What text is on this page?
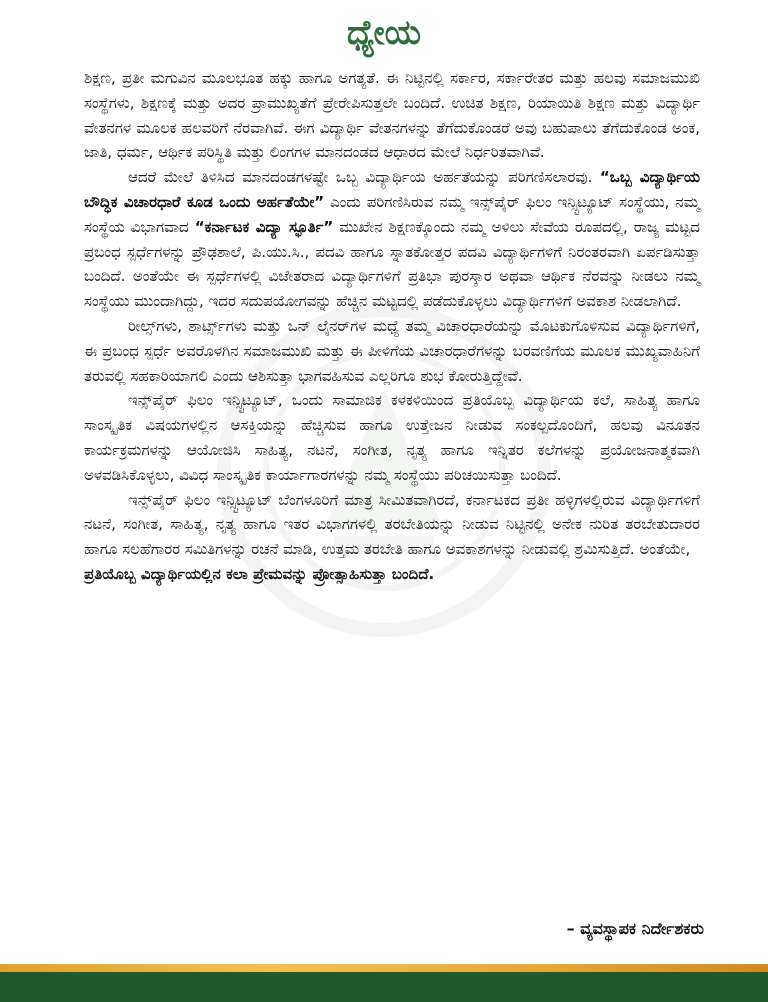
ಧ್ಯೇಯ

ಶಿಕ್ಷಣ, ಪ್ರತೀ ಮಗುವಿನ ಮೂಲಭೂತ ಹಕ್ಕು ಹಾಗೂ ಅಗತ್ಯತೆ. ಈ ನಿಟ್ಟಿನಲ್ಲಿ ಸರ್ಕಾರ, ಸರ್ಕಾರೇತರ ಮತ್ತು ಹಲವು ಸಮಾಜಮುಖಿ ಸಂಸ್ಥೆಗಳು, ಶಿಕ್ಷಣಕ್ಕೆ ಮತ್ತು ಅದರ ಪ್ರಾಮುಖ್ಯತೆಗೆ ಪ್ರೇರೇಪಿಸುತ್ತಲೇ ಬಂದಿದೆ. ಉಚಿತ ಶಿಕ್ಷಣ, ರಿಯಾಯಿತಿ ಶಿಕ್ಷಣ ಮತ್ತು ವಿದ್ಯಾರ್ಥಿ ವೇತನಗಳ ಮೂಲಕ ಹಲವರಿಗೆ ನೆರವಾಗಿವೆ. ಈಗ ವಿದ್ಯಾರ್ಥಿ ವೇತನಗಳನ್ನು ತೆಗೆದುಕೊಂಡರೆ ಅವು ಬಹುಪಾಲು ತೆಗೆದುಕೊಂಡ ಅಂಕ, ಜಾತಿ, ಧರ್ಮ, ಆರ್ಥಿಕ ಪರಿಸ್ಥಿತಿ ಮತ್ತು ಲಿಂಗಗಳ ಮಾನದಂಡದ ಆಧಾರದ ಮೇಲೆ ನಿರ್ಧರಿತವಾಗಿವೆ.

ಆದರೆ ಮೇಲೆ ತಿಳಿಸಿದ ಮಾನದಂಡಗಳಷ್ಟೇ ಒಬ್ಬ ವಿದ್ಯಾರ್ಥಿಯ ಅರ್ಹತೆಯನ್ನು ಪರಿಗಣಿಸಲಾರವು. “ಒಬ್ಬ ವಿದ್ಯಾರ್ಥಿಯ ಬೌದ್ಧಿಕ ವಿಚಾರಧಾರೆ ಕೂಡ ಒಂದು ಅರ್ಹತೆಯೇ” ಎಂದು ಪರಿಗಣಿಸಿರುವ ನಮ್ಮ ಇನ್ಸ್‌ಪೈರ್ ಫಿಲಂ ಇನ್ಸ್ಟಿಟ್ಯೂಟ್ ಸಂಸ್ಥೆಯು, ನಮ್ಮ ಸಂಸ್ಥೆಯ ವಿಭಾಗವಾದ “ಕರ್ನಾಟಕ ವಿದ್ಯಾ ಸ್ಫೂರ್ತಿ” ಮುಖೇನ ಶಿಕ್ಷಣಕ್ಕೊಂದು ನಮ್ಮ ಅಳಿಲು ಸೇವೆಯ ರೂಪದಲ್ಲಿ, ರಾಜ್ಯ ಮಟ್ಟದ ಪ್ರಬಂಧ ಸ್ಪರ್ಧೆಗಳನ್ನು ಪ್ರೌಢಶಾಲೆ, ಪಿ.ಯು.ಸಿ., ಪದವಿ ಹಾಗೂ ಸ್ನಾತಕೋತ್ತರ ಪದವಿ ವಿದ್ಯಾರ್ಥಿಗಳಿಗೆ ನಿರಂತರವಾಗಿ ಏರ್ಪಡಿಸುತ್ತಾ ಬಂದಿದೆ. ಅಂತೆಯೇ ಈ ಸ್ಪರ್ಧೆಗಳಲ್ಲಿ ವಿಜೇತರಾದ ವಿದ್ಯಾರ್ಥಿಗಳಿಗೆ ಪ್ರತಿಭಾ ಪುರಸ್ಕಾರ ಅಥವಾ ಆರ್ಥಿಕ ನೆರವನ್ನು ನೀಡಲು ನಮ್ಮ ಸಂಸ್ಥೆಯು ಮುಂದಾಗಿದ್ದು, ಇದರ ಸದುಪಯೋಗವನ್ನು ಹೆಚ್ಚಿನ ಮಟ್ಟದಲ್ಲಿ ಪಡೆದುಕೊಳ್ಳಲು ವಿದ್ಯಾರ್ಥಿಗಳಿಗೆ ಅವಕಾಶ ನೀಡಲಾಗಿದೆ.

ರೀಲ್ಸ್‌ಗಳು, ಶಾರ್ಟ್ಸ್‌ಗಳು ಮತ್ತು ಒನ್ ಲೈನರ್‌ಗಳ ಮಧ್ಯೆ ತಮ್ಮ ವಿಚಾರಧಾರೆಯನ್ನು ಮೊಟಕುಗೊಳಿಸುವ ವಿದ್ಯಾರ್ಥಿಗಳಿಗೆ, ಈ ಪ್ರಬಂಧ ಸ್ಪರ್ಧೆ ಅವರೊಳಗಿನ ಸಮಾಜಮುಖಿ ಮತ್ತು ಈ ಪೀಳಿಗೆಯ ವಿಚಾರಧಾರೆಗಳನ್ನು ಬರವಣಿಗೆಯ ಮೂಲಕ ಮುಖ್ಯವಾಹಿನಿಗೆ ತರುವಲ್ಲಿ ಸಹಕಾರಿಯಾಗಲಿ ಎಂದು ಆಶಿಸುತ್ತಾ ಭಾಗವಹಿಸುವ ಎಲ್ಲರಿಗೂ ಶುಭ ಕೋರುತ್ತಿದ್ದೇವೆ.

ಇನ್ಸ್‌ಪೈರ್ ಫಿಲಂ ಇನ್ಸ್ಟಿಟ್ಯೂಟ್, ಒಂದು ಸಾಮಾಜಿಕ ಕಳಕಳಿಯಿಂದ ಪ್ರತಿಯೊಬ್ಬ ವಿದ್ಯಾರ್ಥಿಯ ಕಲೆ, ಸಾಹಿತ್ಯ ಹಾಗೂ ಸಾಂಸ್ಕೃತಿಕ ವಿಷಯಗಳಲ್ಲಿನ ಆಸಕ್ತಿಯನ್ನು ಹೆಚ್ಚಿಸುವ ಹಾಗೂ ಉತ್ತೇಜನ ನೀಡುವ ಸಂಕಲ್ಪದೊಂದಿಗೆ, ಹಲವು ವಿನೂತನ ಕಾರ್ಯಕ್ರಮಗಳನ್ನು ಆಯೋಜಿಸಿ ಸಾಹಿತ್ಯ, ನಟನೆ, ಸಂಗೀತ, ನೃತ್ಯ ಹಾಗೂ ಇನ್ನಿತರ ಕಲೆಗಳನ್ನು ಪ್ರಯೋಜನಾತ್ಮಕವಾಗಿ ಅಳವಡಿಸಿಕೊಳ್ಳಲು, ವಿವಿಧ ಸಾಂಸ್ಕೃತಿಕ ಕಾರ್ಯಾಗಾರಗಳನ್ನು ನಮ್ಮ ಸಂಸ್ಥೆಯು ಪರಿಚಯಿಸುತ್ತಾ ಬಂದಿದೆ.

ಇನ್ಸ್‌ಪೈರ್ ಫಿಲಂ ಇನ್ಸ್ಟಿಟ್ಯೂಟ್ ಬೆಂಗಳೂರಿಗೆ ಮಾತ್ರ ಸೀಮಿತವಾಗಿರದೆ, ಕರ್ನಾಟಕದ ಪ್ರತೀ ಹಳ್ಳಿಗಳಲ್ಲಿರುವ ವಿದ್ಯಾರ್ಥಿಗಳಿಗೆ ನಟನೆ, ಸಂಗೀತ, ಸಾಹಿತ್ಯ, ನೃತ್ಯ ಹಾಗೂ ಇತರ ವಿಭಾಗಗಳಲ್ಲಿ ತರಬೇತಿಯನ್ನು ನೀಡುವ ನಿಟ್ಟಿನಲ್ಲಿ ಅನೇಕ ನುರಿತ ತರಬೇತುದಾರರ ಹಾಗೂ ಸಲಹೆಗಾರರ ಸಮಿತಿಗಳನ್ನು ರಚನೆ ಮಾಡಿ, ಉತ್ತಮ ತರಬೇತಿ ಹಾಗೂ ಅವಕಾಶಗಳನ್ನು ನೀಡುವಲ್ಲಿ ಶ್ರಮಿಸುತ್ತಿದೆ. ಅಂತೆಯೇ,

ಪ್ರತಿಯೊಬ್ಬ ವಿದ್ಯಾರ್ಥಿಯಲ್ಲಿನ ಕಲಾ ಪ್ರೇಮವನ್ನು ಪ್ರೋತ್ಸಾಹಿಸುತ್ತಾ ಬಂದಿದೆ.

– ವ್ಯವಸ್ಥಾಪಕ ನಿರ್ದೇಶಕರು
